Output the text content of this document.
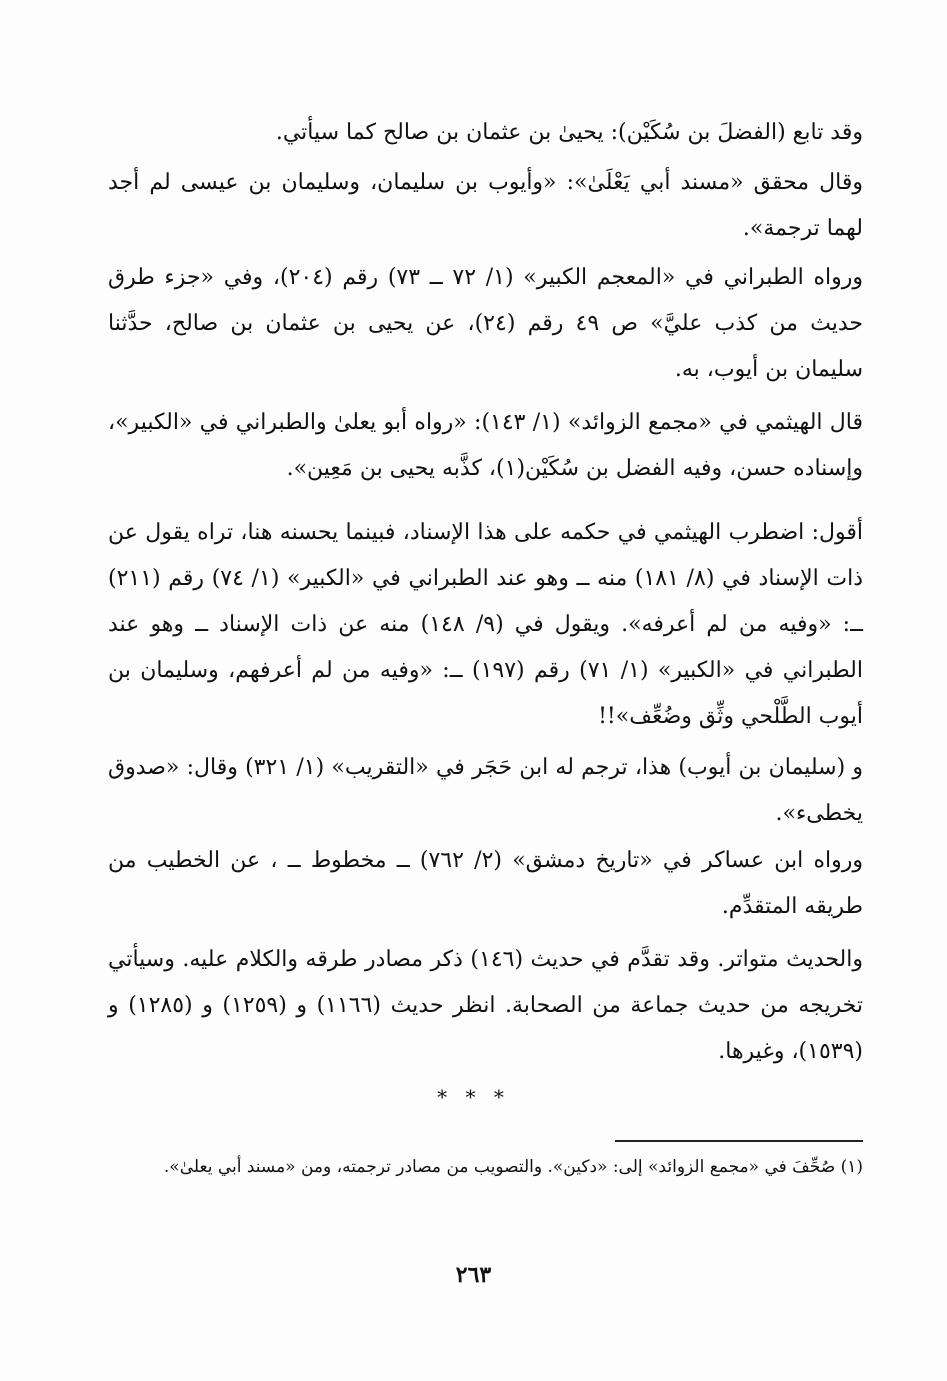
وقد تابع (الفضلَ بن سُكَيْن): يحيىٰ بن عثمان بن صالح كما سيأتي.

وقال محقق «مسند أبي يَعْلَىٰ»: «وأيوب بن سليمان، وسليمان بن عيسى لم أجد لهما ترجمة».

ورواه الطبراني في «المعجم الكبير» (١/ ٧٢ ــ ٧٣) رقم (٢٠٤)، وفي «جزء طرق حديث من كذب عليَّ» ص ٤٩ رقم (٢٤)، عن يحيى بن عثمان بن صالح، حدَّثنا سليمان بن أيوب، به.

قال الهيثمي في «مجمع الزوائد» (١/ ١٤٣): «رواه أبو يعلىٰ والطبراني في «الكبير»، وإسناده حسن، وفيه الفضل بن سُكَيْن(١)، كذَّبه يحيى بن مَعِين».

أقول: اضطرب الهيثمي في حكمه على هذا الإسناد، فبينما يحسنه هنا، تراه يقول عن ذات الإسناد في (٨/ ١٨١) منه ــ وهو عند الطبراني في «الكبير» (١/ ٧٤) رقم (٢١١) ــ: «وفيه من لم أعرفه». ويقول في (٩/ ١٤٨) منه عن ذات الإسناد ــ وهو عند الطبراني في «الكبير» (١/ ٧١) رقم (١٩٧) ــ: «وفيه من لم أعرفهم، وسليمان بن أيوب الطَّلْحي وثِّق وضُعِّف»!!

و (سليمان بن أيوب) هذا، ترجم له ابن حَجَر في «التقريب» (١/ ٣٢١) وقال: «صدوق يخطىء».

ورواه ابن عساكر في «تاريخ دمشق» (٢/ ٧٦٢) ــ مخطوط ــ ، عن الخطيب من طريقه المتقدِّم.

والحديث متواتر. وقد تقدَّم في حديث (١٤٦) ذكر مصادر طرقه والكلام عليه. وسيأتي تخريجه من حديث جماعة من الصحابة. انظر حديث (١١٦٦) و (١٢٥٩) و (١٢٨٥) و (١٥٣٩)، وغيرها.

* * *

(١) صُحِّفَ في «مجمع الزوائد» إلى: «دكين». والتصويب من مصادر ترجمته، ومن «مسند أبي يعلىٰ».

٢٦٣
